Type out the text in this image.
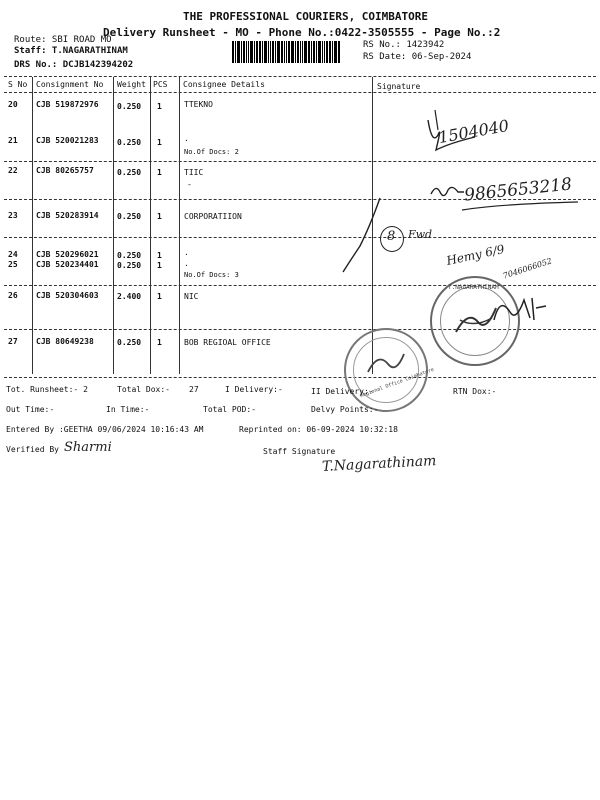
THE PROFESSIONAL COURIERS, COIMBATORE
Delivery Runsheet - MO - Phone No.:0422-3505555 - Page No.:2
Route: SBI ROAD MO
Staff: T.NAGARATHINAM
DRS No.: DCJB142394202
RS No.: 1423942
RS Date: 06-Sep-2024
S No Consignment No Weight PCS Consignee Details	Signature
20 CJB 519872976 0.250 1	TTEKNO
21 CJB 520021283 0.250 1	.
No.Of Docs: 2
22 CJB 80265757	0.250 1	TIIC
-
23 CJB 520283914 0.250 1	CORPORATIION
24 CJB 520296021 0.250 1	.
25 CJB 520234401 0.250 1	.
No.Of Docs: 3
26 CJB 520304603 2.400 1	NIC
27 CJB 80649238	0.250 1	BOB REGIOAL OFFICE
1504040
9865653218
8 Fwd
Hemy 6/9
7046066052
T.NAGARATHINAM
Regional Office Coimbatore
Tot. Runsheet:- 2	Total Dox:- 27	I Delivery:-	II Delivery:-	RTN Dox:-
Out Time:-	In Time:-	Total POD:-	Delvy Points:-
Entered By :GEETHA 09/06/2024 10:16:43 AM	Reprinted on: 06-09-2024 10:32:18
Verified By Sharmi	Staff Signature
T.Nagarathinam
